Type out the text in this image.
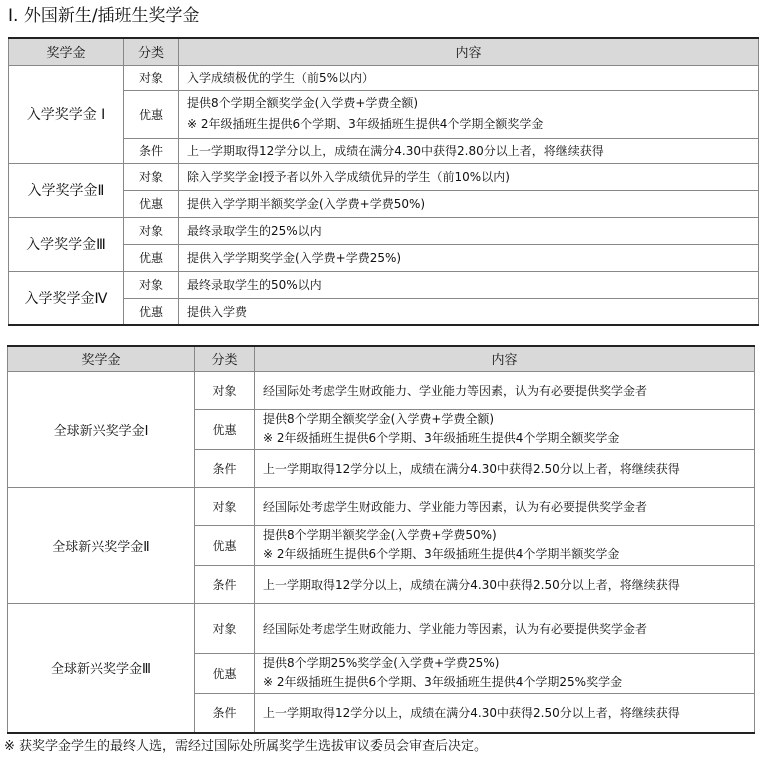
I. 外国新生/插班生奖学金
奖学金	分类	内容
入学奖学金 I	对象	入学成绩极优的学生（前5%以内）
	优惠	提供8个学期全额奖学金(入学费+学费全额)
※ 2年级插班生提供6个学期、3年级插班生提供4个学期全额奖学金

	条件	上一学期取得12学分以上，成绩在满分4.30中获得2.80分以上者，将继续获得
入学奖学金Ⅱ	对象	除入学奖学金Ⅰ授予者以外入学成绩优异的学生（前10%以内)
	优惠	提供入学学期半额奖学金(入学费+学费50%)
入学奖学金Ⅲ	对象	最终录取学生的25%以内
	优惠	提供入学学期奖学金(入学费+学费25%)
入学奖学金Ⅳ	对象	最终录取学生的50%以内
	优惠	提供入学费
奖学金	分类	内容
全球新兴奖学金Ⅰ	对象	经国际处考虑学生财政能力、学业能力等因素，认为有必要提供奖学金者
	优惠	提供8个学期全额奖学金(入学费+学费全额)
※ 2年级插班生提供6个学期、3年级插班生提供4个学期全额奖学金

	条件	上一学期取得12学分以上，成绩在满分4.30中获得2.50分以上者，将继续获得
全球新兴奖学金Ⅱ	对象	经国际处考虑学生财政能力、学业能力等因素，认为有必要提供奖学金者
	优惠	提供8个学期半额奖学金(入学费+学费50%)
※ 2年级插班生提供6个学期、3年级插班生提供4个学期半额奖学金

	条件	上一学期取得12学分以上，成绩在满分4.30中获得2.50分以上者，将继续获得
全球新兴奖学金Ⅲ	对象	经国际处考虑学生财政能力、学业能力等因素，认为有必要提供奖学金者
	优惠	提供8个学期25%奖学金(入学费+学费25%)
※ 2年级插班生提供6个学期、3年级插班生提供4个学期25%奖学金

	条件	上一学期取得12学分以上，成绩在满分4.30中获得2.50分以上者，将继续获得
※ 获奖学金学生的最终人选，需经过国际处所属奖学生选拔审议委员会审查后决定。
